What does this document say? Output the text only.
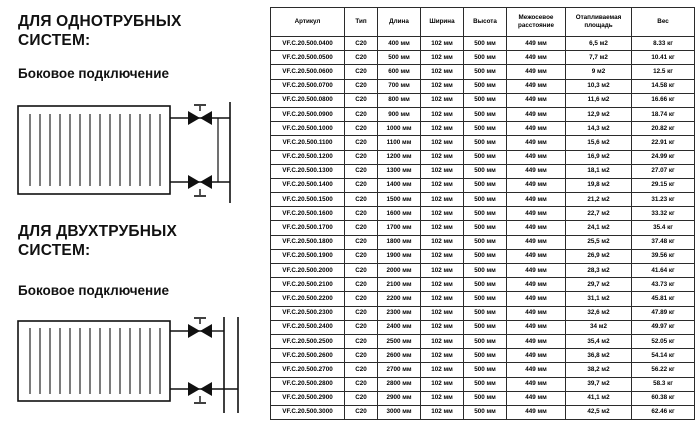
ДЛЯ ОДНОТРУБНЫХ СИСТЕМ:
Боковое подключение
ДЛЯ ДВУХТРУБНЫХ СИСТЕМ:
Боковое подключение
Артикул	Тип	Длина	Ширина	Высота	Межосевое расстояние	Отапливаемая площадь	Вес
VF.C.20.500.0400	C20	400 мм	102 мм	500 мм	449 мм	6,5 м2	8.33 кг
VF.C.20.500.0500	C20	500 мм	102 мм	500 мм	449 мм	7,7 м2	10.41 кг
VF.C.20.500.0600	C20	600 мм	102 мм	500 мм	449 мм	9 м2	12.5 кг
VF.C.20.500.0700	C20	700 мм	102 мм	500 мм	449 мм	10,3 м2	14.58 кг
VF.C.20.500.0800	C20	800 мм	102 мм	500 мм	449 мм	11,6 м2	16.66 кг
VF.C.20.500.0900	C20	900 мм	102 мм	500 мм	449 мм	12,9 м2	18.74 кг
VF.C.20.500.1000	C20	1000 мм	102 мм	500 мм	449 мм	14,3 м2	20.82 кг
VF.C.20.500.1100	C20	1100 мм	102 мм	500 мм	449 мм	15,6 м2	22.91 кг
VF.C.20.500.1200	C20	1200 мм	102 мм	500 мм	449 мм	16,9 м2	24.99 кг
VF.C.20.500.1300	C20	1300 мм	102 мм	500 мм	449 мм	18,1 м2	27.07 кг
VF.C.20.500.1400	C20	1400 мм	102 мм	500 мм	449 мм	19,8 м2	29.15 кг
VF.C.20.500.1500	C20	1500 мм	102 мм	500 мм	449 мм	21,2 м2	31.23 кг
VF.C.20.500.1600	C20	1600 мм	102 мм	500 мм	449 мм	22,7 м2	33.32 кг
VF.C.20.500.1700	C20	1700 мм	102 мм	500 мм	449 мм	24,1 м2	35.4 кг
VF.C.20.500.1800	C20	1800 мм	102 мм	500 мм	449 мм	25,5 м2	37.48 кг
VF.C.20.500.1900	C20	1900 мм	102 мм	500 мм	449 мм	26,9 м2	39.56 кг
VF.C.20.500.2000	C20	2000 мм	102 мм	500 мм	449 мм	28,3 м2	41.64 кг
VF.C.20.500.2100	C20	2100 мм	102 мм	500 мм	449 мм	29,7 м2	43.73 кг
VF.C.20.500.2200	C20	2200 мм	102 мм	500 мм	449 мм	31,1 м2	45.81 кг
VF.C.20.500.2300	C20	2300 мм	102 мм	500 мм	449 мм	32,6 м2	47.89 кг
VF.C.20.500.2400	C20	2400 мм	102 мм	500 мм	449 мм	34 м2	49.97 кг
VF.C.20.500.2500	C20	2500 мм	102 мм	500 мм	449 мм	35,4 м2	52.05 кг
VF.C.20.500.2600	C20	2600 мм	102 мм	500 мм	449 мм	36,8 м2	54.14 кг
VF.C.20.500.2700	C20	2700 мм	102 мм	500 мм	449 мм	38,2 м2	56.22 кг
VF.C.20.500.2800	C20	2800 мм	102 мм	500 мм	449 мм	39,7 м2	58.3 кг
VF.C.20.500.2900	C20	2900 мм	102 мм	500 мм	449 мм	41,1 м2	60.38 кг
VF.C.20.500.3000	C20	3000 мм	102 мм	500 мм	449 мм	42,5 м2	62.46 кг
